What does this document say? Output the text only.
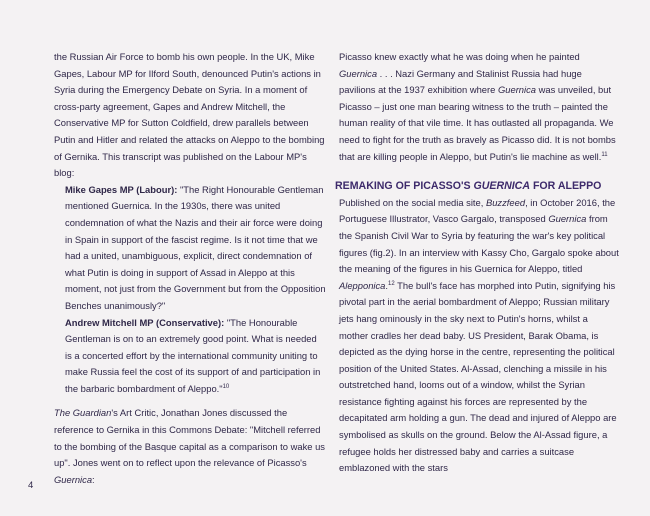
the Russian Air Force to bomb his own people. In the UK, Mike Gapes, Labour MP for Ilford South, denounced Putin's actions in Syria during the Emergency Debate on Syria. In a moment of cross-party agreement, Gapes and Andrew Mitchell, the Conservative MP for Sutton Coldfield, drew parallels between Putin and Hitler and related the attacks on Aleppo to the bombing of Gernika. This transcript was published on the Labour MP's blog:

Mike Gapes MP (Labour): "The Right Honourable Gentleman mentioned Guernica. In the 1930s, there was united condemnation of what the Nazis and their air force were doing in Spain in support of the fascist regime. Is it not time that we had a united, unambiguous, explicit, direct condemnation of what Putin is doing in support of Assad in Aleppo at this moment, not just from the Government but from the Opposition Benches unanimously?"

Andrew Mitchell MP (Conservative): "The Honourable Gentleman is on to an extremely good point. What is needed is a concerted effort by the international community uniting to make Russia feel the cost of its support of and participation in the barbaric bombardment of Aleppo."$^{10}$

The Guardian's Art Critic, Jonathan Jones discussed the reference to Gernika in this Commons Debate: "Mitchell referred to the bombing of the Basque capital as a comparison to wake us up". Jones went on to reflect upon the relevance of Picasso's Guernica:

Picasso knew exactly what he was doing when he painted Guernica . . . Nazi Germany and Stalinist Russia had huge pavilions at the 1937 exhibition where Guernica was unveiled, but Picasso – just one man bearing witness to the truth – painted the human reality of that vile time. It has outlasted all propaganda. We need to fight for the truth as bravely as Picasso did. It is not bombs that are killing people in Aleppo, but Putin's lie machine as well.$^{11}$

REMAKING OF PICASSO'S GUERNICA FOR ALEPPO

Published on the social media site, Buzzfeed, in October 2016, the Portuguese Illustrator, Vasco Gargalo, transposed Guernica from the Spanish Civil War to Syria by featuring the war's key political figures (fig.2). In an interview with Kassy Cho, Gargalo spoke about the meaning of the figures in his Guernica for Aleppo, titled Alepponica.$^{12}$ The bull's face has morphed into Putin, signifying his pivotal part in the aerial bombardment of Aleppo; Russian military jets hang ominously in the sky next to Putin's horns, whilst a mother cradles her dead baby. US President, Barak Obama, is depicted as the dying horse in the centre, representing the political position of the United States. Al-Assad, clenching a missile in his outstretched hand, looms out of a window, whilst the Syrian resistance fighting against his forces are represented by the decapitated arm holding a gun. The dead and injured of Aleppo are symbolised as skulls on the ground. Below the Al-Assad figure, a refugee holds her distressed baby and carries a suitcase emblazoned with the stars

4
